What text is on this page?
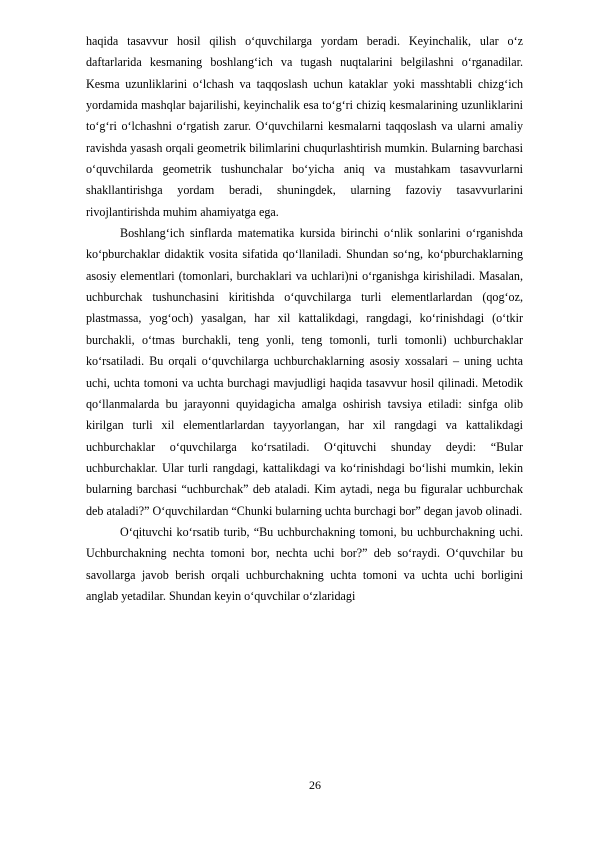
haqida tasavvur hosil qilish o‘quvchilarga yordam beradi. Keyinchalik, ular o‘z daftarlarida kesmaning boshlang‘ich va tugash nuqtalarini belgilashni o‘rganadilar. Kesma uzunliklarini o‘lchash va taqqoslash uchun kataklar yoki masshtabli chizg‘ich yordamida mashqlar bajarilishi, keyinchalik esa to‘g‘ri chiziq kesmalarining uzunliklarini to‘g‘ri o‘lchashni o‘rgatish zarur. O‘quvchilarni kesmalarni taqqoslash va ularni amaliy ravishda yasash orqali geometrik bilimlarini chuqurlashtirish mumkin. Bularning barchasi o‘quvchilarda geometrik tushunchalar bo‘yicha aniq va mustahkam tasavvurlarni shakllantirishga yordam beradi, shuningdek, ularning fazoviy tasavvurlarini rivojlantirishda muhim ahamiyatga ega.

Boshlang‘ich sinflarda matematika kursida birinchi o‘nlik sonlarini o‘rganishda ko‘pburchaklar didaktik vosita sifatida qo‘llaniladi. Shundan so‘ng, ko‘pburchaklarning asosiy elementlari (tomonlari, burchaklari va uchlari)ni o‘rganishga kirishiladi. Masalan, uchburchak tushunchasini kiritishda o‘quvchilarga turli elementlarlardan (qog‘oz, plastmassa, yog‘och) yasalgan, har xil kattalikdagi, rangdagi, ko‘rinishdagi (o‘tkir burchakli, o‘tmas burchakli, teng yonli, teng tomonli, turli tomonli) uchburchaklar ko‘rsatiladi. Bu orqali o‘quvchilarga uchburchaklarning asosiy xossalari – uning uchta uchi, uchta tomoni va uchta burchagi mavjudligi haqida tasavvur hosil qilinadi. Metodik qo‘llanmalarda bu jarayonni quyidagicha amalga oshirish tavsiya etiladi: sinfga olib kirilgan turli xil elementlarlardan tayyorlangan, har xil rangdagi va kattalikdagi uchburchaklar o‘quvchilarga ko‘rsatiladi. O‘qituvchi shunday deydi: “Bular uchburchaklar. Ular turli rangdagi, kattalikdagi va ko‘rinishdagi bo‘lishi mumkin, lekin bularning barchasi “uchburchak” deb ataladi. Kim aytadi, nega bu figuralar uchburchak deb ataladi?” O‘quvchilardan “Chunki bularning uchta burchagi bor” degan javob olinadi.

O‘qituvchi ko‘rsatib turib, “Bu uchburchakning tomoni, bu uchburchakning uchi. Uchburchakning nechta tomoni bor, nechta uchi bor?” deb so‘raydi. O‘quvchilar bu savollarga javob berish orqali uchburchakning uchta tomoni va uchta uchi borligini anglab yetadilar. Shundan keyin o‘quvchilar o‘zlaridagi

26
